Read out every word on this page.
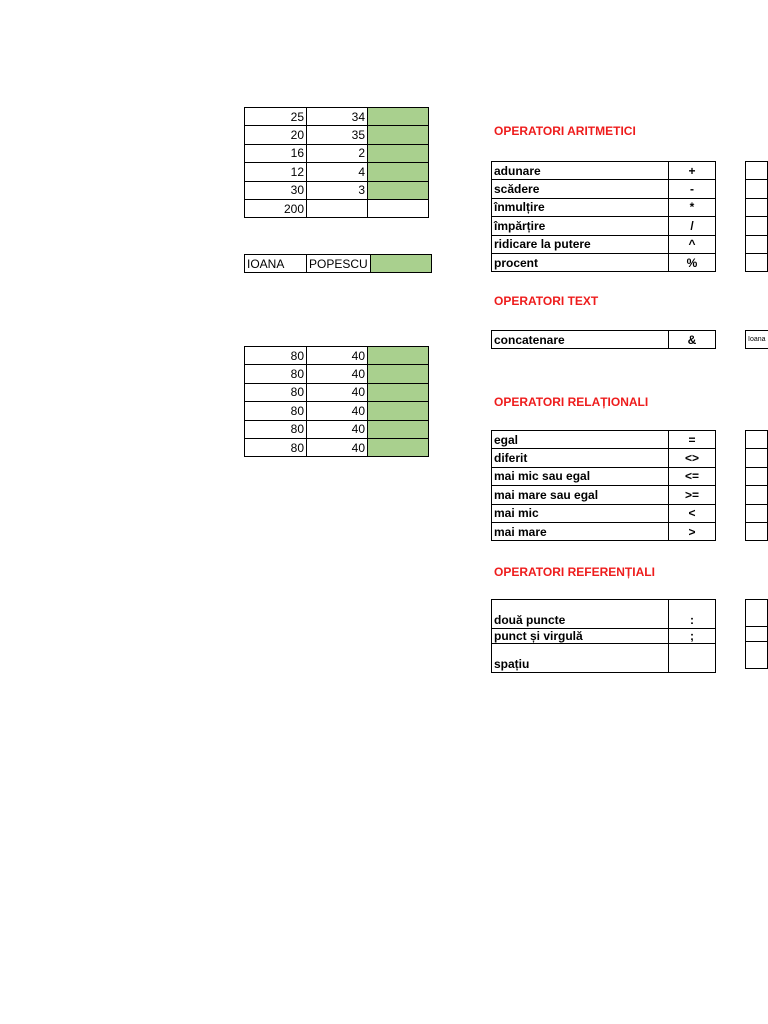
25	34	
20	35	
16	2	
12	4	
30	3	
200		
IOANA	POPESCU	
80	40	
80	40	
80	40	
80	40	
80	40	
80	40	
OPERATORI ARITMETICI
OPERATORI TEXT
OPERATORI RELAȚIONALI
OPERATORI REFERENȚIALI
adunare	+
scădere	-
înmulțire	*
împărțire	/
ridicare la putere	^
procent	%

concatenare	&	Ioana
egal	=
diferit	<>
mai mic sau egal	<=
mai mare sau egal	>=
mai mic	<
mai mare	>

două puncte	:
punct și virgulă	;
spațiu	
